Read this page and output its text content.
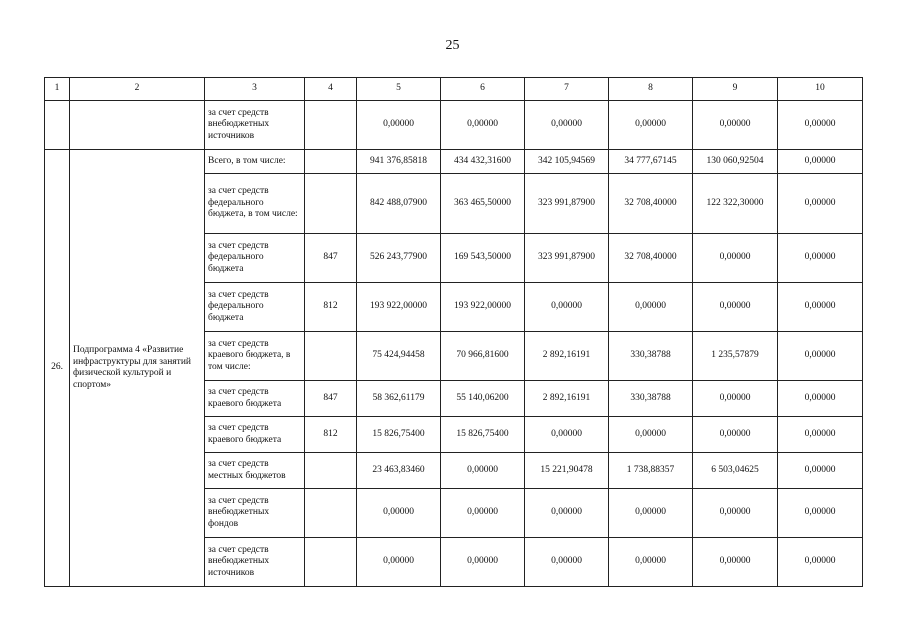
25
1	2	3	4	5	6	7	8	9	10
		за счет средств внебюджетных источников		0,00000	0,00000	0,00000	0,00000	0,00000	0,00000
26.	Подпрограмма 4 «Развитие инфраструктуры для занятий физической культурой и спортом»	Всего, в том числе:		941 376,85818	434 432,31600	342 105,94569	34 777,67145	130 060,92504	0,00000
		за счет средств федерального бюджета, в том числе:		842 488,07900	363 465,50000	323 991,87900	32 708,40000	122 322,30000	0,00000
		за счет средств федерального бюджета	847	526 243,77900	169 543,50000	323 991,87900	32 708,40000	0,00000	0,00000
		за счет средств федерального бюджета	812	193 922,00000	193 922,00000	0,00000	0,00000	0,00000	0,00000
		за счет средств краевого бюджета, в том числе:		75 424,94458	70 966,81600	2 892,16191	330,38788	1 235,57879	0,00000
		за счет средств краевого бюджета	847	58 362,61179	55 140,06200	2 892,16191	330,38788	0,00000	0,00000
		за счет средств краевого бюджета	812	15 826,75400	15 826,75400	0,00000	0,00000	0,00000	0,00000
		за счет средств местных бюджетов		23 463,83460	0,00000	15 221,90478	1 738,88357	6 503,04625	0,00000
		за счет средств внебюджетных фондов		0,00000	0,00000	0,00000	0,00000	0,00000	0,00000
		за счет средств внебюджетных источников		0,00000	0,00000	0,00000	0,00000	0,00000	0,00000
